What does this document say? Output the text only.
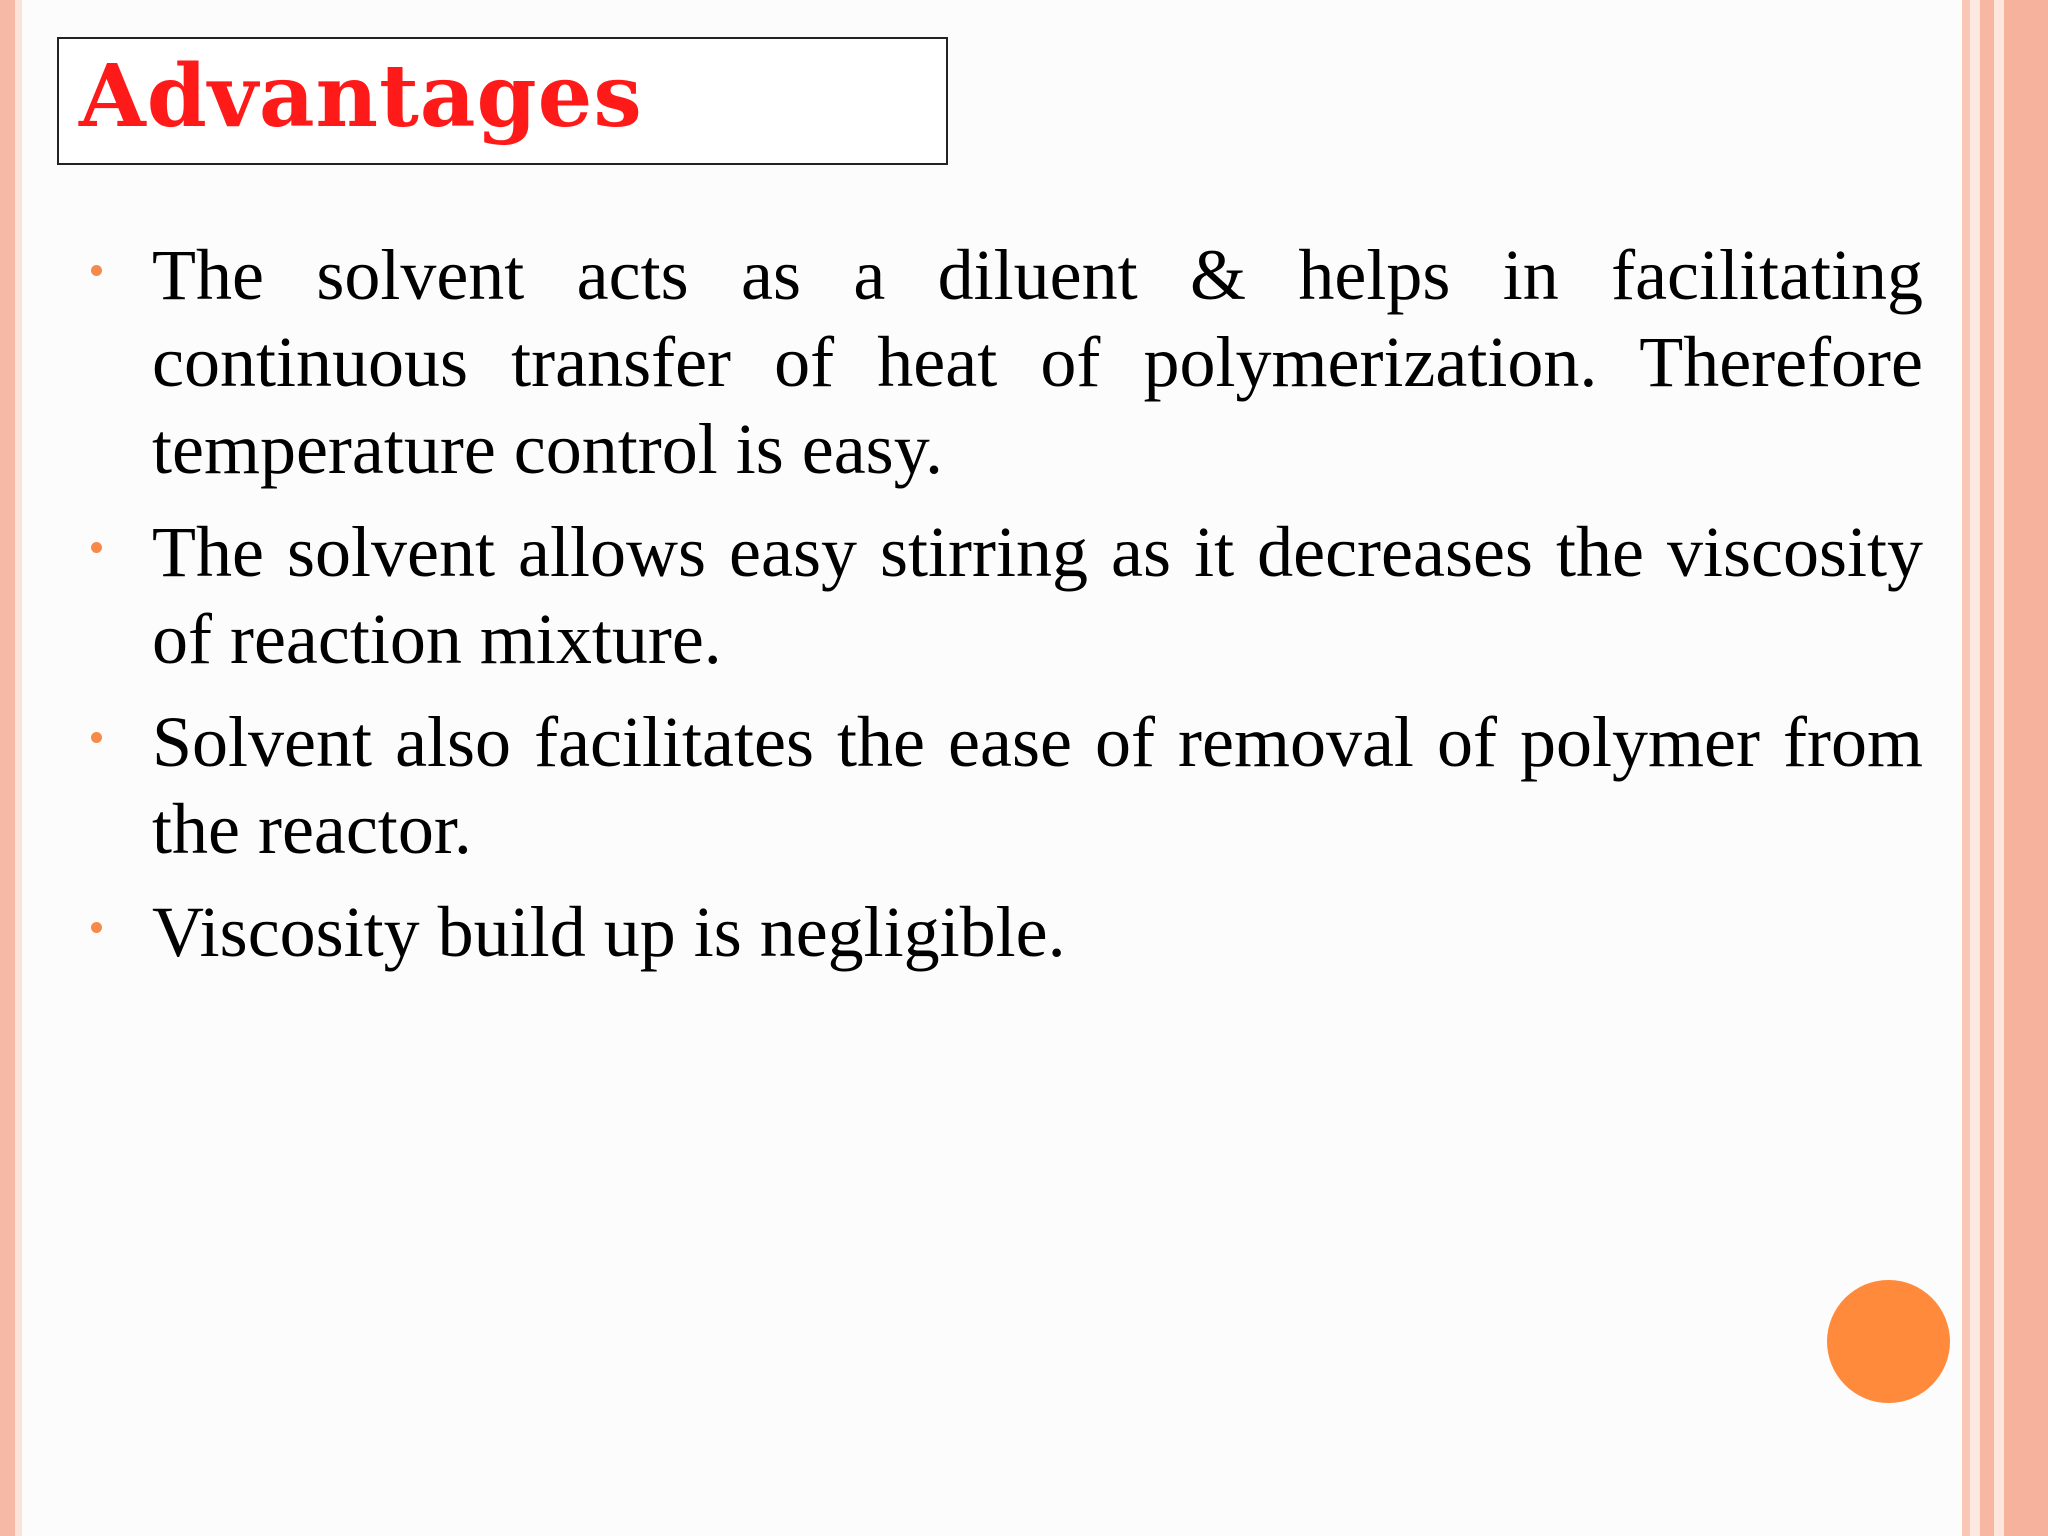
Advantages
The solvent acts as a diluent & helps in facilitating continuous transfer of heat of polymerization. Therefore temperature control is easy.
The solvent allows easy stirring as it decreases the viscosity of reaction mixture.
Solvent also facilitates the ease of removal of polymer from the reactor.
Viscosity build up is negligible.
